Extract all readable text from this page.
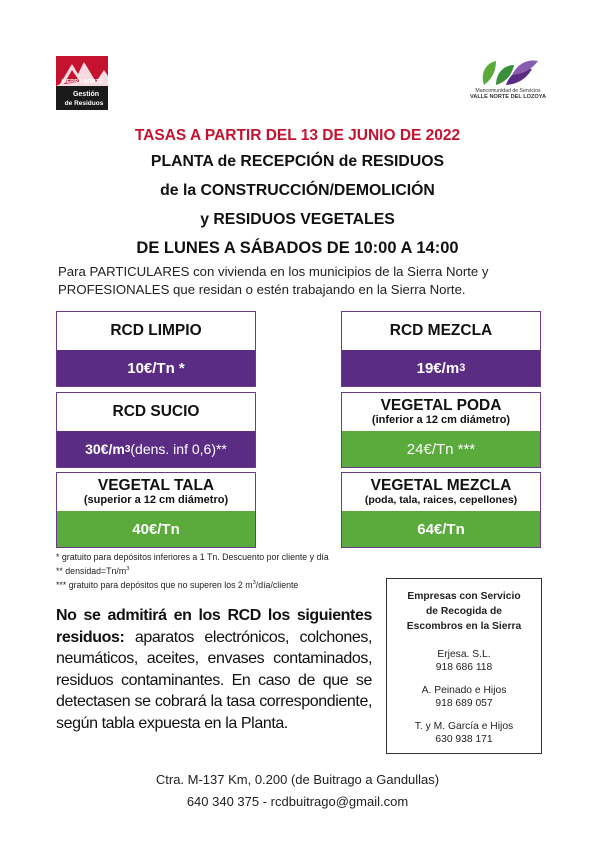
SIERRA NORTE
Gestión
de Residuos
Mancomunidad de Servicios
VALLE NORTE DEL LOZOYA
TASAS A PARTIR DEL 13 DE JUNIO DE 2022
PLANTA de RECEPCIÓN de RESIDUOS
de la CONSTRUCCIÓN/DEMOLICIÓN
y RESIDUOS VEGETALES
DE LUNES A SÁBADOS DE 10:00 A 14:00
Para PARTICULARES con vivienda en los municipios de la Sierra Norte y
PROFESIONALES que residan o estén trabajando en la Sierra Norte.
RCD LIMPIO
10€/Tn *
RCD MEZCLA
19€/m 3
RCD SUCIO
30€/m 3 (dens. inf 0,6)**
VEGETAL PODA
(inferior a 12 cm diámetro)
24€/Tn ***
VEGETAL TALA
(superior a 12 cm diámetro)
40€/Tn
VEGETAL MEZCLA
(poda, tala, raices, cepellones)
64€/Tn
* gratuito para depósitos inferiores a 1 Tn. Descuento por cliente y día
** $densidad=Tn/m^3$
*** gratuito para depósitos que no superen los 2 $m^3/día$/cliente
No se admitirá en los RCD los siguientes residuos: aparatos electrónicos, colchones, neumáticos, aceites, envases contaminados, residuos contaminantes. En caso de que se detectasen se cobrará la tasa correspondiente, según tabla expuesta en la Planta.
Empresas con Servicio
de Recogida de
Escombros en la Sierra
Erjesa. S.L.
918 686 118
A. Peinado e Hijos
918 689 057
T. y M. García e Hijos
630 938 171
Ctra. M-137 Km, 0.200 (de Buitrago a Gandullas)
640 340 375 - rcdbuitrago@gmail.com
